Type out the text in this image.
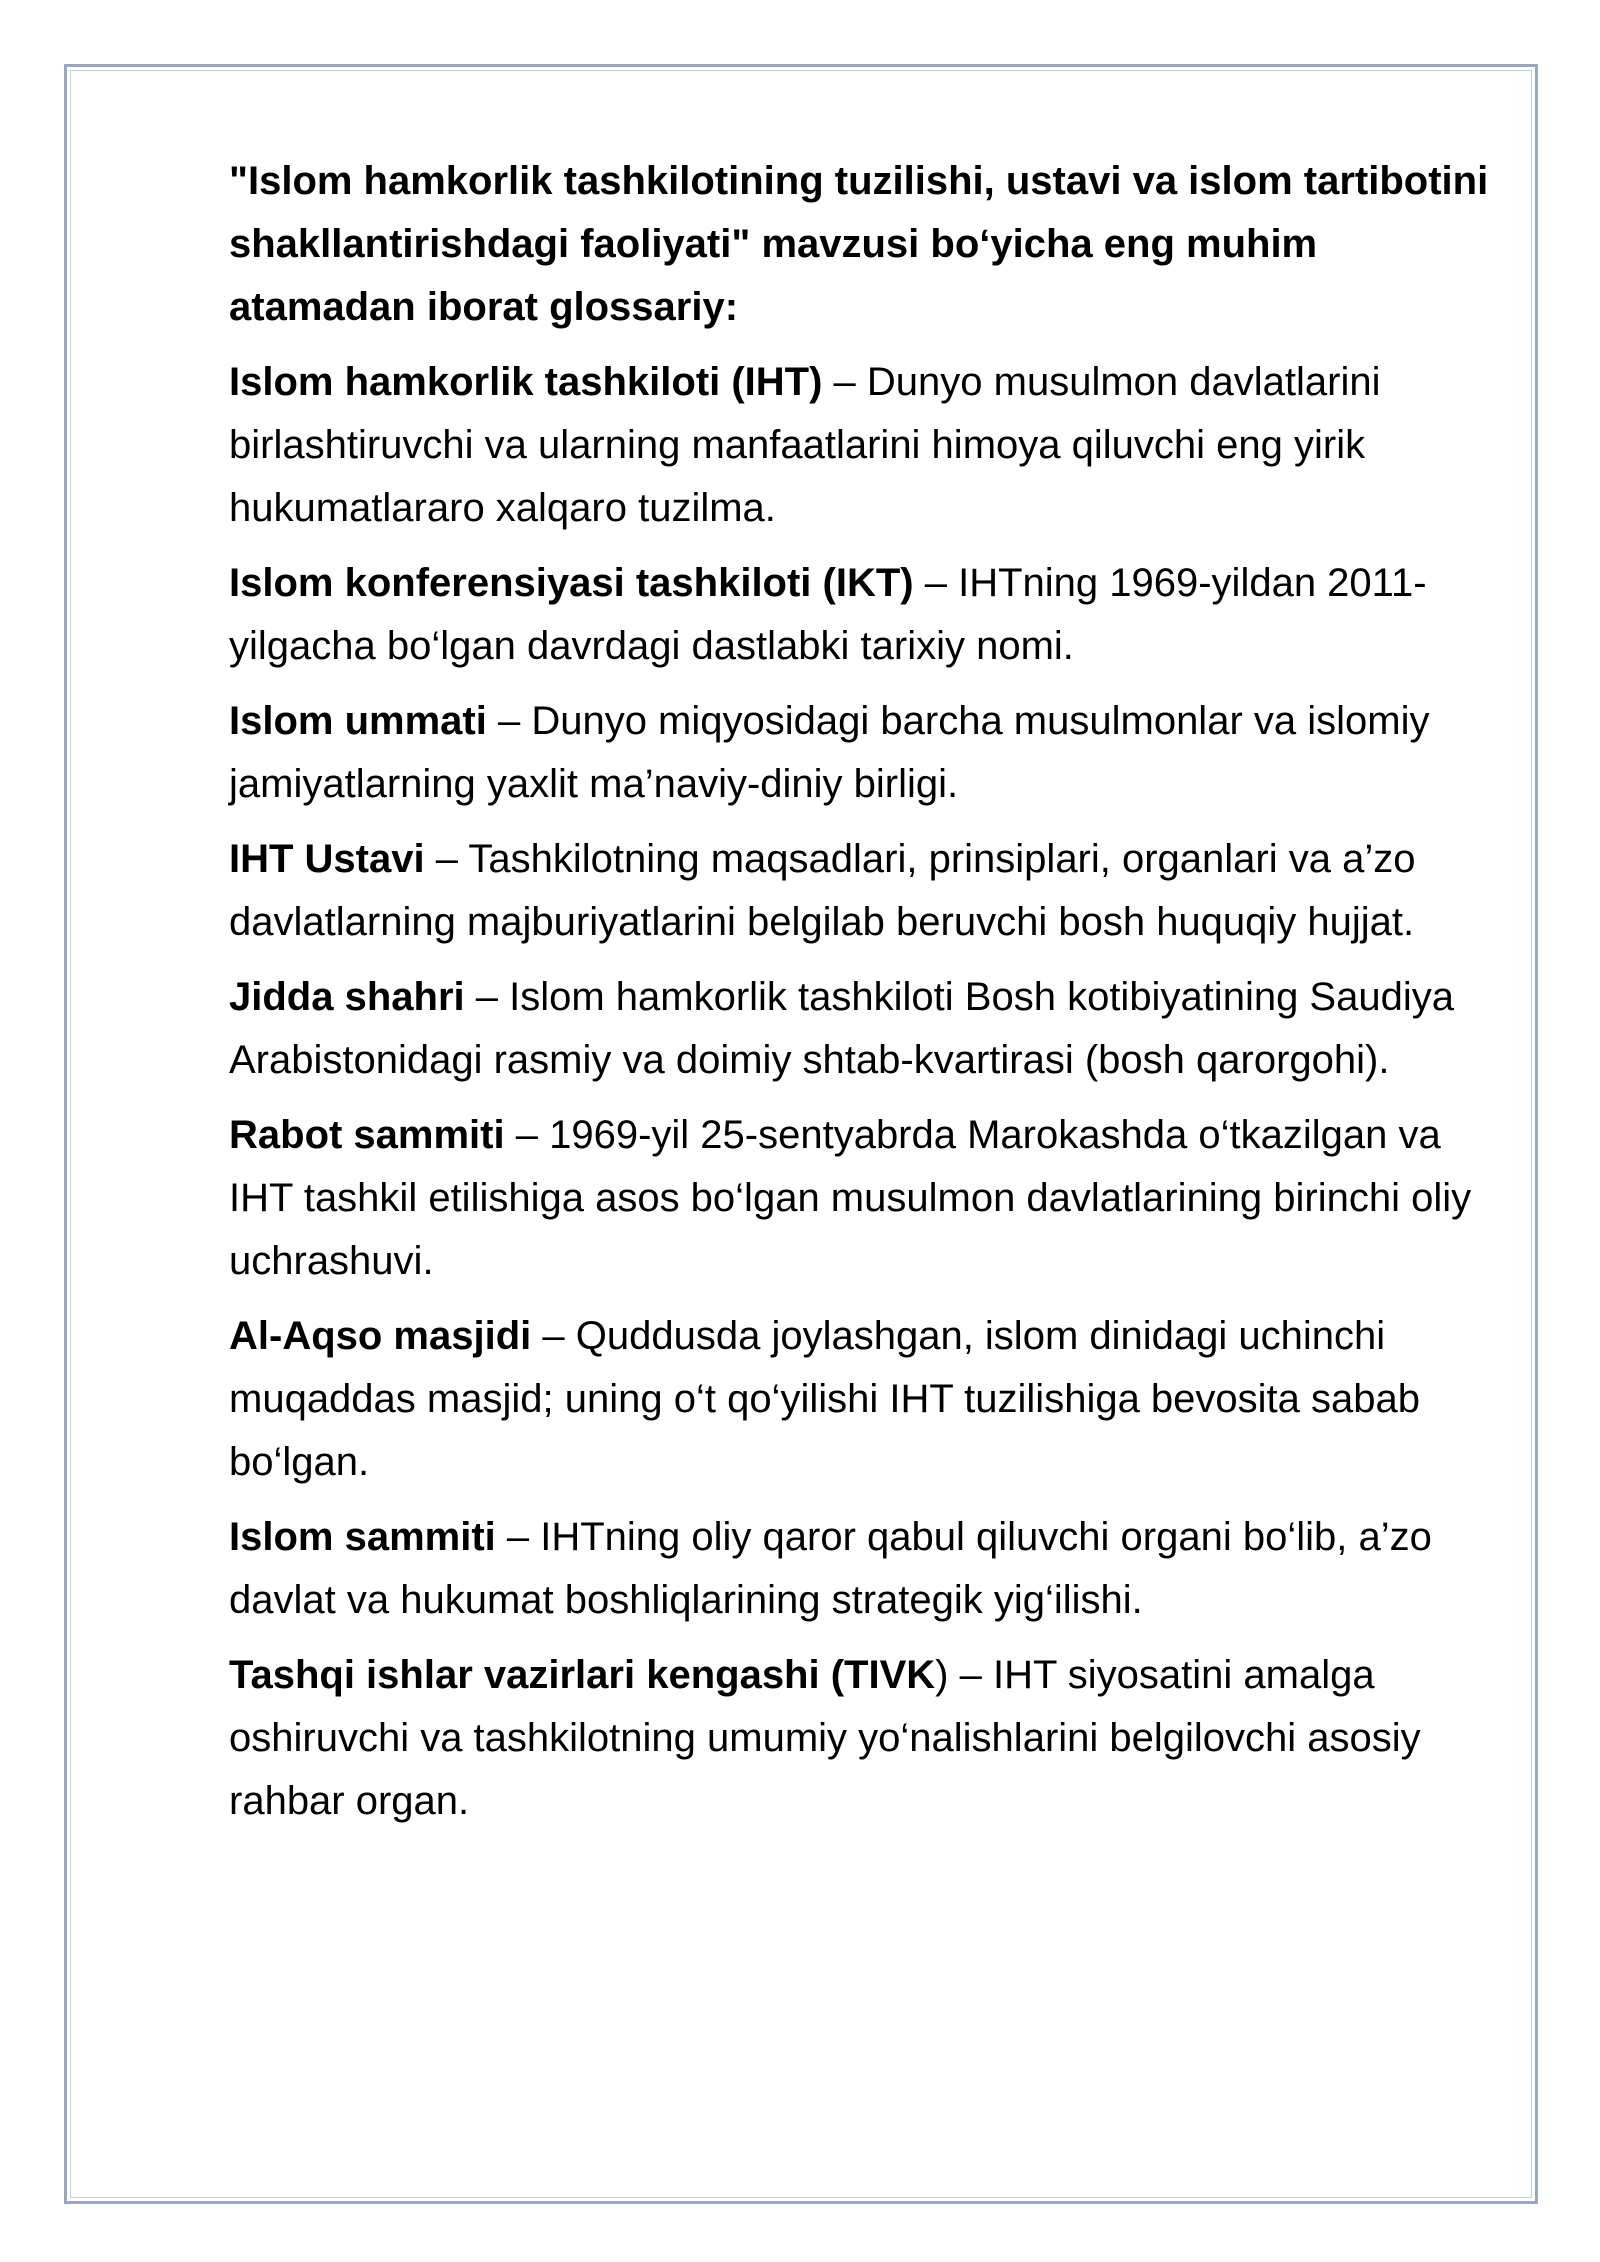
"Islom hamkorlik tashkilotining tuzilishi, ustavi va islom tartibotini shakllantirishdagi faoliyati" mavzusi bo‘yicha eng muhim atamadan iborat glossariy:

Islom hamkorlik tashkiloti (IHT) – Dunyo musulmon davlatlarini birlashtiruvchi va ularning manfaatlarini himoya qiluvchi eng yirik hukumatlararo xalqaro tuzilma.

Islom konferensiyasi tashkiloti (IKT) – IHTning 1969-yildan 2011-yilgacha bo‘lgan davrdagi dastlabki tarixiy nomi.

Islom ummati – Dunyo miqyosidagi barcha musulmonlar va islomiy jamiyatlarning yaxlit ma’naviy-diniy birligi.

IHT Ustavi – Tashkilotning maqsadlari, prinsiplari, organlari va a’zo davlatlarning majburiyatlarini belgilab beruvchi bosh huquqiy hujjat.

Jidda shahri – Islom hamkorlik tashkiloti Bosh kotibiyatining Saudiya Arabistonidagi rasmiy va doimiy shtab-kvartirasi (bosh qarorgohi).

Rabot sammiti – 1969-yil 25-sentyabrda Marokashda o‘tkazilgan va IHT tashkil etilishiga asos bo‘lgan musulmon davlatlarining birinchi oliy uchrashuvi.

Al-Aqso masjidi – Quddusda joylashgan, islom dinidagi uchinchi muqaddas masjid; uning o‘t qo‘yilishi IHT tuzilishiga bevosita sabab bo‘lgan.

Islom sammiti – IHTning oliy qaror qabul qiluvchi organi bo‘lib, a’zo davlat va hukumat boshliqlarining strategik yig‘ilishi.

Tashqi ishlar vazirlari kengashi (TIVK) – IHT siyosatini amalga oshiruvchi va tashkilotning umumiy yo‘nalishlarini belgilovchi asosiy rahbar organ.
